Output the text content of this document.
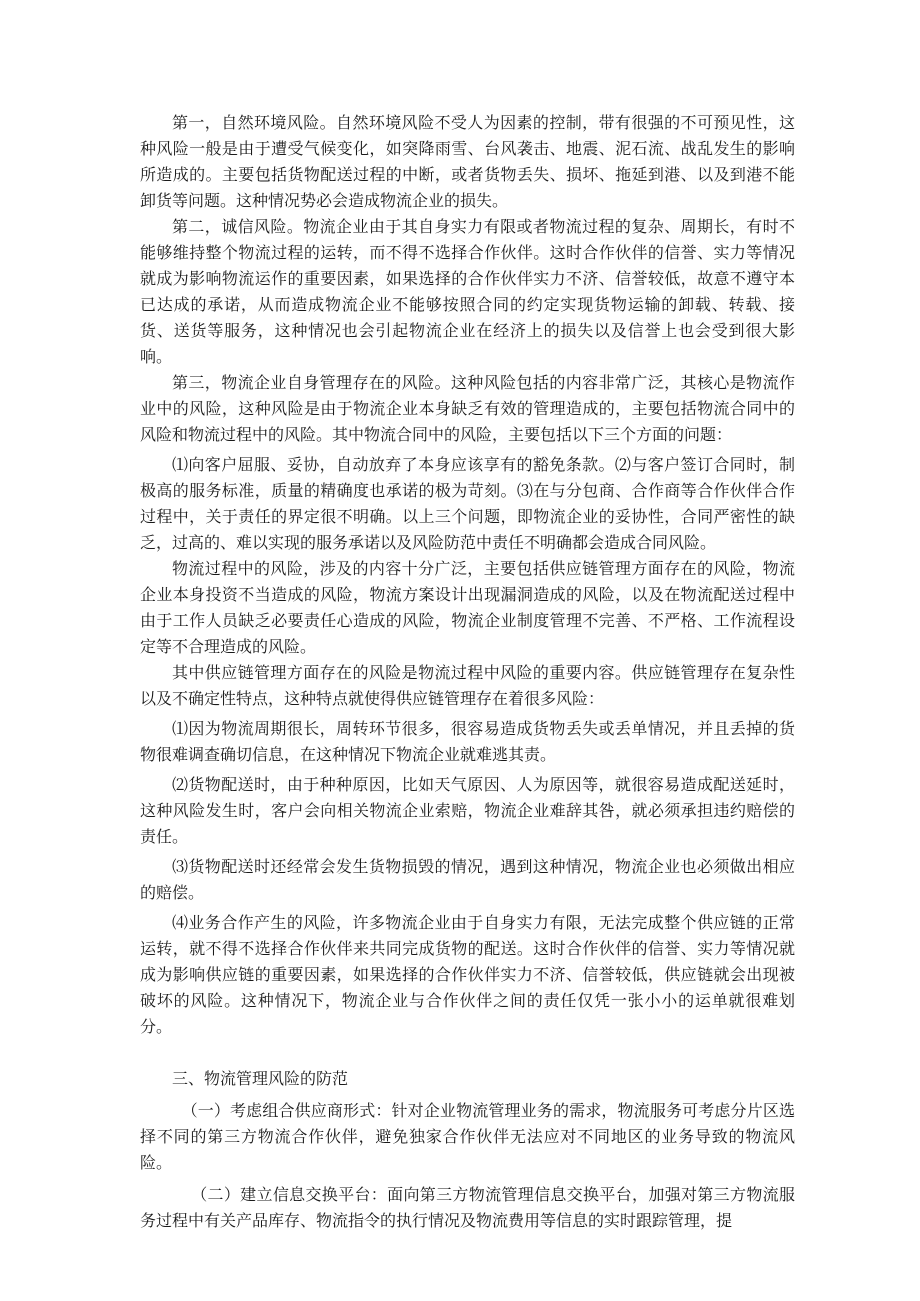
第一，自然环境风险。自然环境风险不受人为因素的控制，带有很强的不可预见性，这种风险一般是由于遭受气候变化，如突降雨雪、台风袭击、地震、泥石流、战乱发生的影响所造成的。主要包括货物配送过程的中断，或者货物丢失、损坏、拖延到港、以及到港不能卸货等问题。这种情况势必会造成物流企业的损失。

第二，诚信风险。物流企业由于其自身实力有限或者物流过程的复杂、周期长，有时不能够维持整个物流过程的运转，而不得不选择合作伙伴。这时合作伙伴的信誉、实力等情况就成为影响物流运作的重要因素，如果选择的合作伙伴实力不济、信誉较低，故意不遵守本已达成的承诺，从而造成物流企业不能够按照合同的约定实现货物运输的卸载、转载、接货、送货等服务，这种情况也会引起物流企业在经济上的损失以及信誉上也会受到很大影响。

第三，物流企业自身管理存在的风险。这种风险包括的内容非常广泛，其核心是物流作业中的风险，这种风险是由于物流企业本身缺乏有效的管理造成的，主要包括物流合同中的风险和物流过程中的风险。其中物流合同中的风险，主要包括以下三个方面的问题：

⑴向客户屈服、妥协，自动放弃了本身应该享有的豁免条款。⑵与客户签订合同时，制极高的服务标准，质量的精确度也承诺的极为苛刻。⑶在与分包商、合作商等合作伙伴合作过程中，关于责任的界定很不明确。以上三个问题，即物流企业的妥协性，合同严密性的缺乏，过高的、难以实现的服务承诺以及风险防范中责任不明确都会造成合同风险。

物流过程中的风险，涉及的内容十分广泛，主要包括供应链管理方面存在的风险，物流企业本身投资不当造成的风险，物流方案设计出现漏洞造成的风险，以及在物流配送过程中由于工作人员缺乏必要责任心造成的风险，物流企业制度管理不完善、不严格、工作流程设定等不合理造成的风险。

其中供应链管理方面存在的风险是物流过程中风险的重要内容。供应链管理存在复杂性以及不确定性特点，这种特点就使得供应链管理存在着很多风险：

⑴因为物流周期很长，周转环节很多，很容易造成货物丢失或丢单情况，并且丢掉的货物很难调查确切信息，在这种情况下物流企业就难逃其责。

⑵货物配送时，由于种种原因，比如天气原因、人为原因等，就很容易造成配送延时，这种风险发生时，客户会向相关物流企业索赔，物流企业难辞其咎，就必须承担违约赔偿的责任。

⑶货物配送时还经常会发生货物损毁的情况，遇到这种情况，物流企业也必须做出相应的赔偿。

⑷业务合作产生的风险，许多物流企业由于自身实力有限，无法完成整个供应链的正常运转，就不得不选择合作伙伴来共同完成货物的配送。这时合作伙伴的信誉、实力等情况就成为影响供应链的重要因素，如果选择的合作伙伴实力不济、信誉较低，供应链就会出现被破坏的风险。这种情况下，物流企业与合作伙伴之间的责任仅凭一张小小的运单就很难划分。

三、物流管理风险的防范

（一）考虑组合供应商形式：针对企业物流管理业务的需求，物流服务可考虑分片区选择不同的第三方物流合作伙伴，避免独家合作伙伴无法应对不同地区的业务导致的物流风险。

（二）建立信息交换平台：面向第三方物流管理信息交换平台，加强对第三方物流服务过程中有关产品库存、物流指令的执行情况及物流费用等信息的实时跟踪管理，提
